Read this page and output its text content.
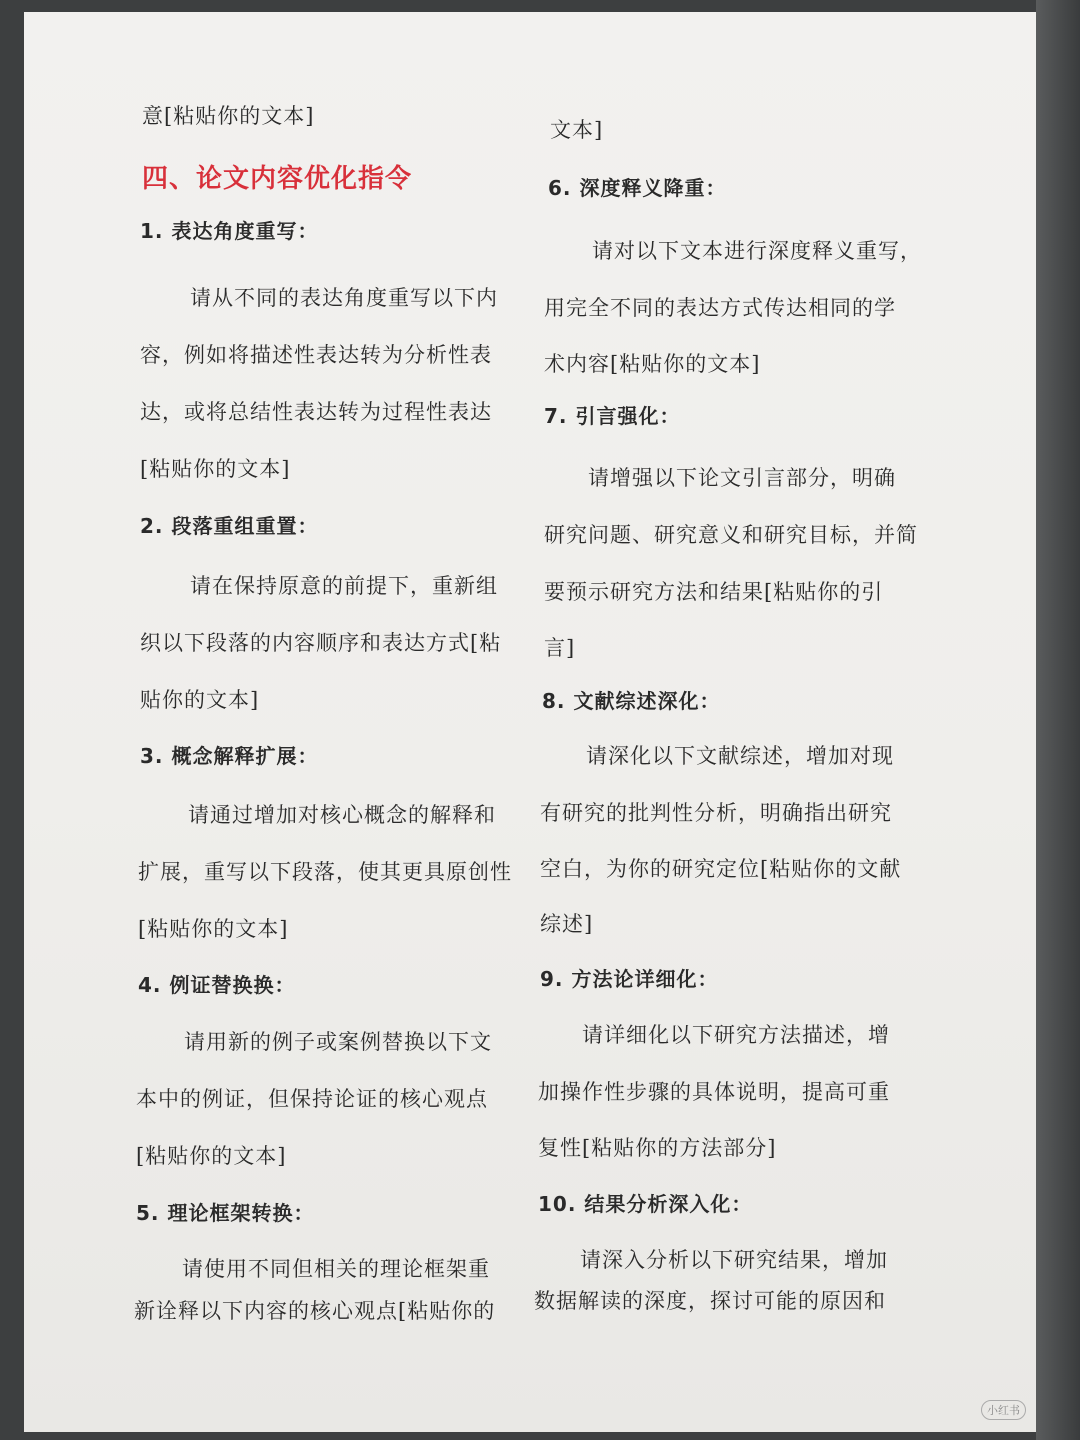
意[粘贴你的文本]
四、论文内容优化指令
1. 表达角度重写：
请从不同的表达角度重写以下内
容，例如将描述性表达转为分析性表
达，或将总结性表达转为过程性表达
[粘贴你的文本]
2. 段落重组重置：
请在保持原意的前提下，重新组
织以下段落的内容顺序和表达方式[粘
贴你的文本]
3. 概念解释扩展：
请通过增加对核心概念的解释和
扩展，重写以下段落，使其更具原创性
[粘贴你的文本]
4. 例证替换换：
请用新的例子或案例替换以下文
本中的例证，但保持论证的核心观点
[粘贴你的文本]
5. 理论框架转换：
请使用不同但相关的理论框架重
新诠释以下内容的核心观点[粘贴你的
文本]
6. 深度释义降重：
请对以下文本进行深度释义重写，
用完全不同的表达方式传达相同的学
术内容[粘贴你的文本]
7. 引言强化：
请增强以下论文引言部分，明确
研究问题、研究意义和研究目标，并简
要预示研究方法和结果[粘贴你的引
言]
8. 文献综述深化：
请深化以下文献综述，增加对现
有研究的批判性分析，明确指出研究
空白，为你的研究定位[粘贴你的文献
综述]
9. 方法论详细化：
请详细化以下研究方法描述，增
加操作性步骤的具体说明，提高可重
复性[粘贴你的方法部分]
10. 结果分析深入化：
请深入分析以下研究结果，增加
数据解读的深度，探讨可能的原因和
小红书
